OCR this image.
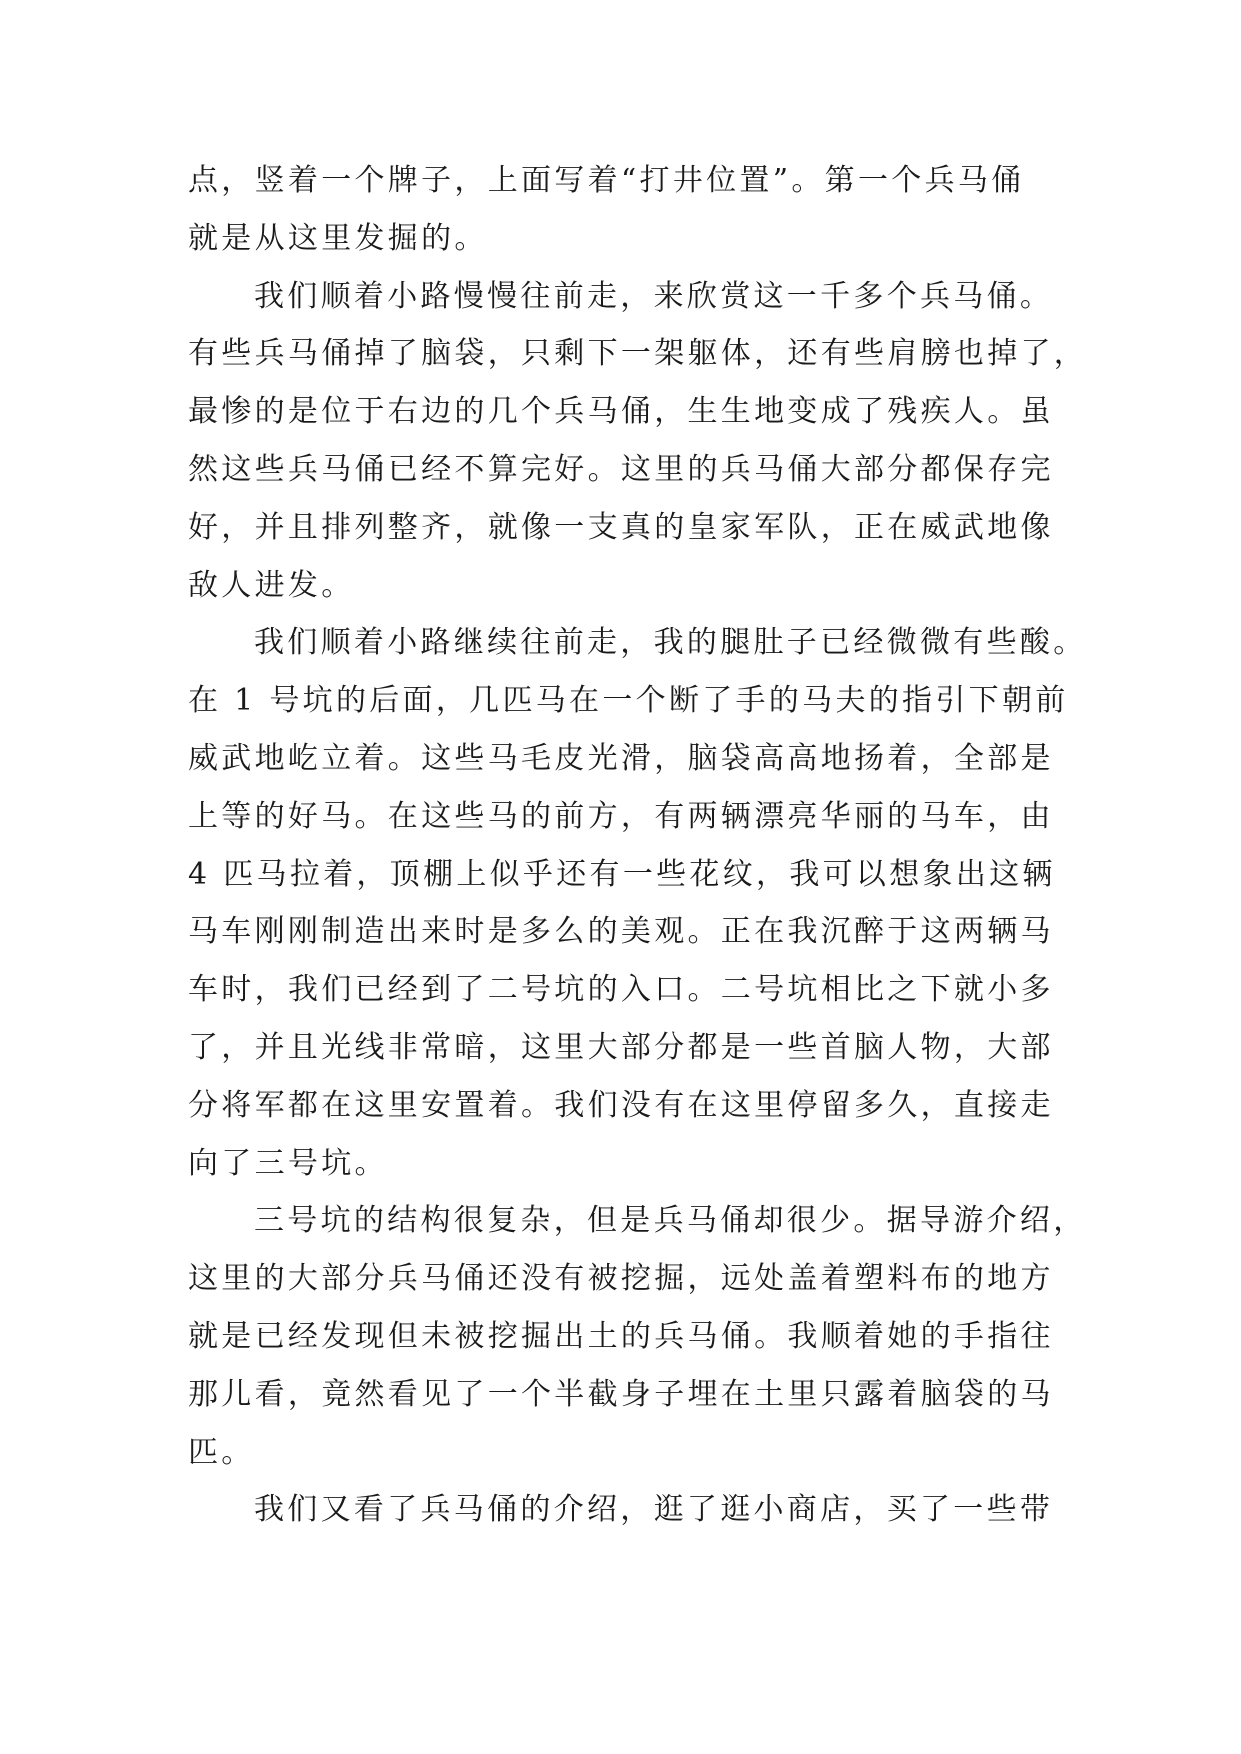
点，竖着一个牌子，上面写着“打井位置”。第一个兵马俑
就是从这里发掘的。
我们顺着小路慢慢往前走，来欣赏这一千多个兵马俑。
有些兵马俑掉了脑袋，只剩下一架躯体，还有些肩膀也掉了，
最惨的是位于右边的几个兵马俑，生生地变成了残疾人。虽
然这些兵马俑已经不算完好。这里的兵马俑大部分都保存完
好，并且排列整齐，就像一支真的皇家军队，正在威武地像
敌人进发。
我们顺着小路继续往前走，我的腿肚子已经微微有些酸。
在 1 号坑的后面，几匹马在一个断了手的马夫的指引下朝前
威武地屹立着。这些马毛皮光滑，脑袋高高地扬着，全部是
上等的好马。在这些马的前方，有两辆漂亮华丽的马车，由
4 匹马拉着，顶棚上似乎还有一些花纹，我可以想象出这辆
马车刚刚制造出来时是多么的美观。正在我沉醉于这两辆马
车时，我们已经到了二号坑的入口。二号坑相比之下就小多
了，并且光线非常暗，这里大部分都是一些首脑人物，大部
分将军都在这里安置着。我们没有在这里停留多久，直接走
向了三号坑。
三号坑的结构很复杂，但是兵马俑却很少。据导游介绍，
这里的大部分兵马俑还没有被挖掘，远处盖着塑料布的地方
就是已经发现但未被挖掘出土的兵马俑。我顺着她的手指往
那儿看，竟然看见了一个半截身子埋在土里只露着脑袋的马
匹。
我们又看了兵马俑的介绍，逛了逛小商店，买了一些带
